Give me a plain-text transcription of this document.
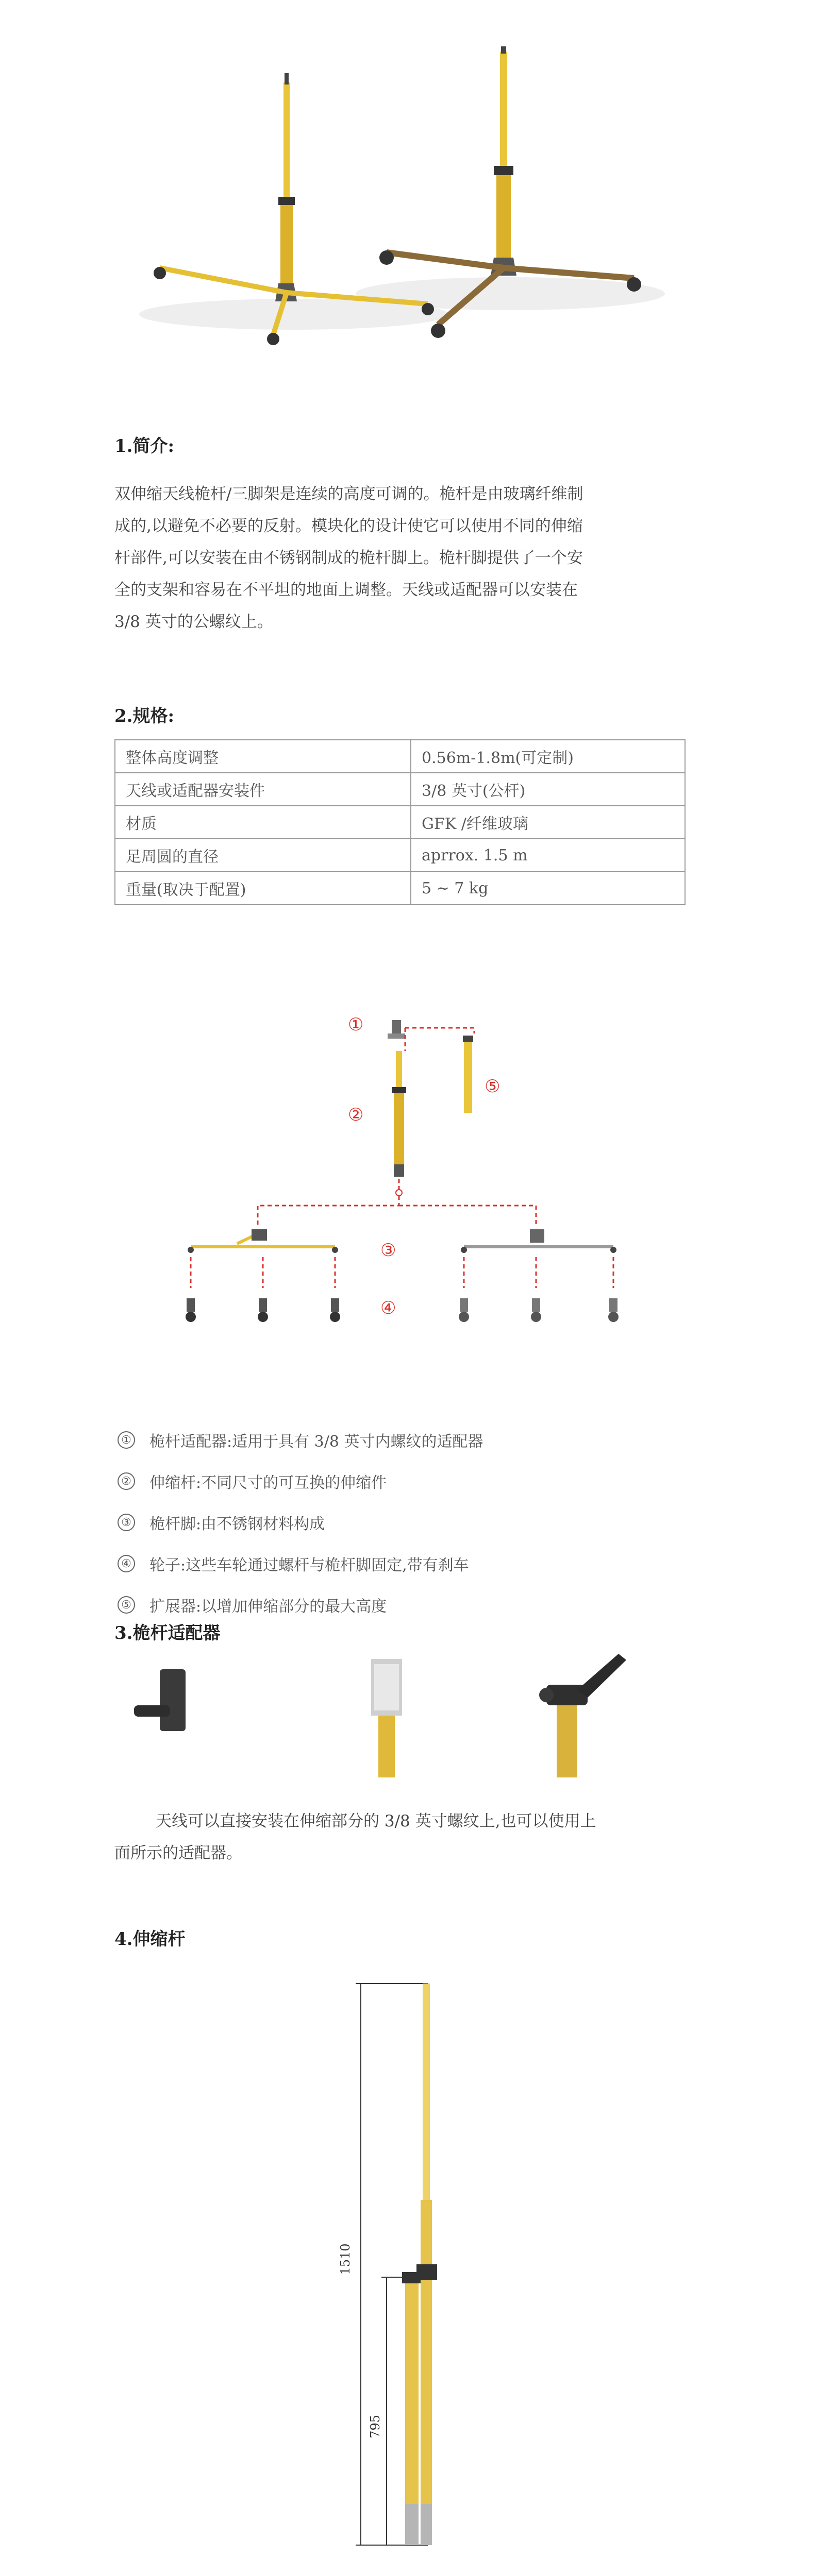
1.简介:

双伸缩天线桅杆/三脚架是连续的高度可调的。桅杆是由玻璃纤维制

成的,以避免不必要的反射。模块化的设计使它可以使用不同的伸缩

杆部件,可以安装在由不锈钢制成的桅杆脚上。桅杆脚提供了一个安

全的支架和容易在不平坦的地面上调整。天线或适配器可以安装在

3/8 英寸的公螺纹上。

2.规格:
整体高度调整	0.56m-1.8m(可定制)
天线或适配器安装件	3/8 英寸(公杆)
材质	GFK /纤维玻璃
足周圆的直径	aprrox. 1.5 m
重量(取决于配置)	5 ~ 7 kg
①
②
⑤
③
④
① 桅杆适配器:适用于具有 3/8 英寸内螺纹的适配器
② 伸缩杆:不同尺寸的可互换的伸缩件
③ 桅杆脚:由不锈钢材料构成
④ 轮子:这些车轮通过螺杆与桅杆脚固定,带有刹车
⑤ 扩展器:以增加伸缩部分的最大高度
3.桅杆适配器

天线可以直接安装在伸缩部分的 3/8 英寸螺纹上,也可以使用上

面所示的适配器。

4.伸缩杆
1510
795
